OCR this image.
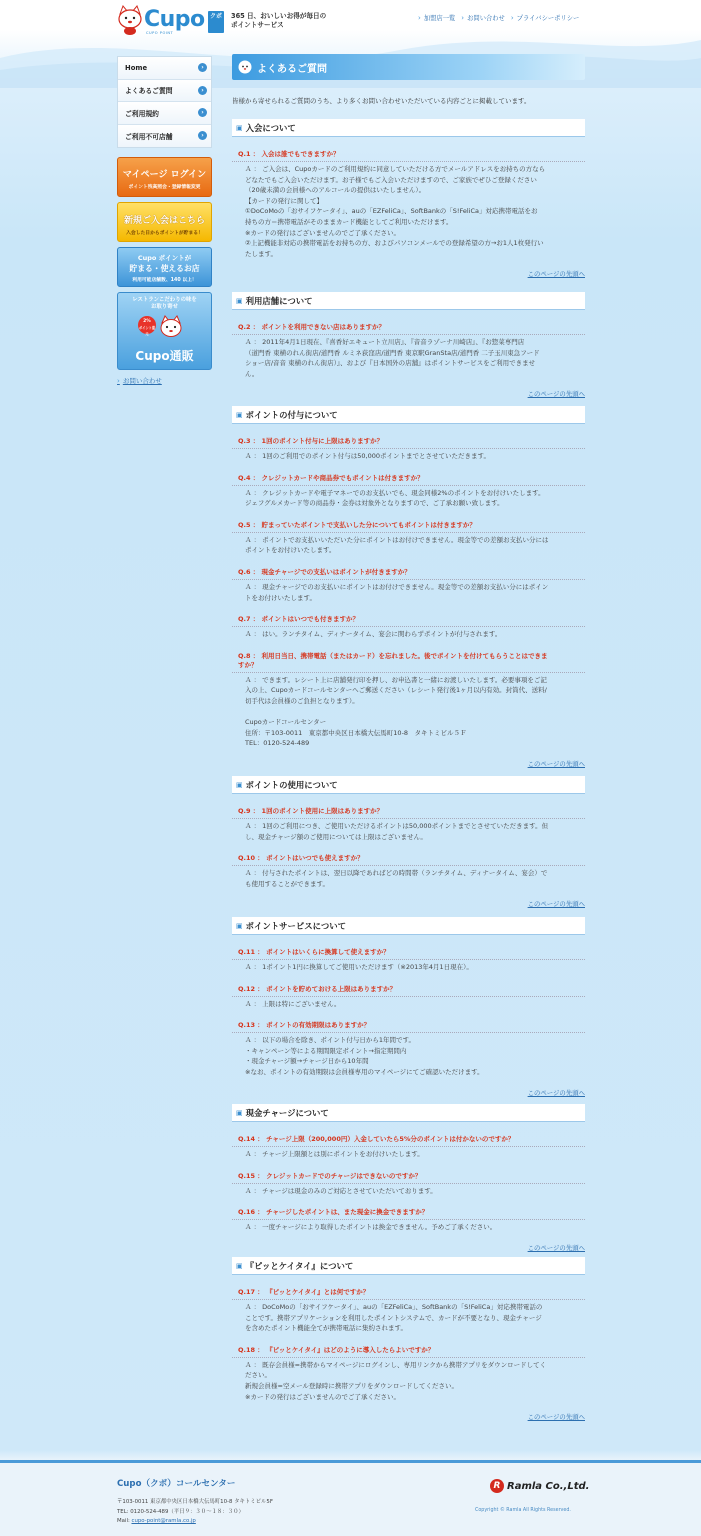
Cupo クポ
CUPO POINT
365 日、おいしいお得が毎日の
ポイントサービス
› 加盟店一覧 › お問い合わせ › プライバシーポリシー
Home	›
よくあるご質問	›
ご利用規約	›
ご利用不可店舗	›
マイページ ログイン
ポイント残高照会・登録情報変更
新規ご入会はこちら
入会した日からポイントが貯まる！
Cupo ポイントが
貯まる・使えるお店
利用可能店舗数、140 以上！
レストランこだわりの味を
お取り寄せ
2%
ポイント還元
Cupo通販
› お問い合わせ
よくあるご質問
皆様から寄せられるご質問のうち、より多くお問い合わせいただいている内容ごとに掲載しています。
▣ 入会について
Q.1 ： 入会は誰でもできますか？
Ａ ： ご入会は、Cupoカードのご利用規約に同意していただける方でメールアドレスをお持ちの方なら
どなたでもご入会いただけます。お子様でもご入会いただけますので、ご家族でぜひご登録ください
（20歳未満の会員様へのアルコールの提供はいたしません）。
【カードの発行に関して】
①DoCoMoの「おサイフケータイ」、auの「EZFeliCa」、SoftBankの「S!FeliCa」対応携帯電話をお
持ちの方＝携帯電話がそのままカード機能としてご利用いただけます。
※カードの発行はございませんのでご了承ください。
②上記機能非対応の携帯電話をお持ちの方、およびパソコンメールでの登録希望の方→お1人1枚発行い
たします。
このページの先頭へ
▣ 利用店舗について
Q.2 ： ポイントを利用できない店はありますか？
Ａ ： 2011年4月1日現在、『喜香好エキュート立川店』、『音音ラゾーナ川崎店』、『お惣菜専門店
（道門香 東横のれん街店/道門香 ルミネ荻窪店/道門香 東京駅GranSta店/道門香 二子玉川東急フード
ショー店/音音 東横のれん街店）』、および『日本国外の店舗』はポイントサービスをご利用できませ
ん。
このページの先頭へ
▣ ポイントの付与について
Q.3 ： 1回のポイント付与に上限はありますか？
Ａ ： 1回のご利用でのポイント付与は50,000ポイントまでとさせていただきます。
Q.4 ： クレジットカードや商品券でもポイントは付きますか？
Ａ ： クレジットカードや電子マネーでのお支払いでも、現金同様2%のポイントをお付けいたします。
ジェフグルメカード等の商品券・金券は対象外となりますので、ご了承お願い致します。
Q.5 ： 貯まっていたポイントで支払いした分についてもポイントは付きますか？
Ａ ： ポイントでお支払いいただいた分にポイントはお付けできません。現金等での差額お支払い分には
ポイントをお付けいたします。
Q.6 ： 現金チャージでの支払いはポイントが付きますか？
Ａ ： 現金チャージでのお支払いにポイントはお付けできません。現金等での差額お支払い分にはポイン
トをお付けいたします。
Q.7 ： ポイントはいつでも付きますか？
Ａ ： はい。ランチタイム、ディナータイム、宴会に関わらずポイントが付与されます。
Q.8 ： 利用日当日、携帯電話（またはカード）を忘れました。後でポイントを付けてもらうことはできま
すか？
Ａ ： できます。レシート上に店舗発行印を押し、お申込書と一緒にお渡しいたします。必要事項をご記
入の上、Cupoカードコールセンターへご郵送ください（レシート発行後1ヶ月以内有効。封筒代、送料/
切手代は会員様のご負担となります）。

Cupoカードコールセンター
住所：〒103-0011　東京都中央区日本橋大伝馬町10-8　タキトミビル５Ｆ
TEL：0120-524-489
このページの先頭へ
▣ ポイントの使用について
Q.9 ： 1回のポイント使用に上限はありますか？
Ａ ： 1回のご利用につき、ご使用いただけるポイントは50,000ポイントまでとさせていただきます。但
し、現金チャージ額のご使用については上限はございません。
Q.10 ： ポイントはいつでも使えますか？
Ａ ： 付与されたポイントは、翌日以降であればどの時間帯（ランチタイム、ディナータイム、宴会）で
も使用することができます。
このページの先頭へ
▣ ポイントサービスについて
Q.11 ： ポイントはいくらに換算して使えますか？
Ａ ： 1ポイント1円に換算してご使用いただけます（※2013年4月1日現在）。
Q.12 ： ポイントを貯めておける上限はありますか？
Ａ ： 上限は特にございません。
Q.13 ： ポイントの有効期限はありますか？
Ａ ： 以下の場合を除き、ポイント付与日から1年間です。
・キャンペーン等による期間限定ポイント→指定期間内
・現金チャージ額→チャージ日から10年間
※なお、ポイントの有効期限は会員様専用のマイページにてご確認いただけます。
このページの先頭へ
▣ 現金チャージについて
Q.14 ： チャージ上限（200,000円）入金していたら5%分のポイントは付かないのですか？
Ａ ： チャージ上限額とは別にポイントをお付けいたします。
Q.15 ： クレジットカードでのチャージはできないのですか？
Ａ ： チャージは現金のみのご対応とさせていただいております。
Q.16 ： チャージしたポイントは、また現金に換金できますか？
Ａ ： 一度チャージにより取得したポイントは換金できません。予めご了承ください。
このページの先頭へ
▣ 『ピッとケイタイ』について
Q.17 ： 『ピッとケイタイ』とは何ですか？
Ａ ： DoCoMoの「おサイフケータイ」、auの「EZFeliCa」、SoftBankの「S!FeliCa」対応携帯電話の
ことです。携帯アプリケーションを利用したポイントシステムで、カードが不要となり、現金チャージ
を含めたポイント機能全てが携帯電話に集約されます。
Q.18 ： 『ピッとケイタイ』はどのように導入したらよいですか？
Ａ ： 既存会員様=携帯からマイページにログインし、専用リンクから携帯アプリをダウンロードしてく
ださい。
新規会員様=空メール登録時に携帯アプリをダウンロードしてください。
※カードの発行はございませんのでご了承ください。
このページの先頭へ
Cupo（クポ）コールセンター
〒103-0011 東京都中央区日本橋大伝馬町10-8 タキトミビル5F
TEL: 0120-524-489（平日９：３０〜１８：３０）
Mail: cupo-point@ramla.co.jp
R Ramla Co.,Ltd.
Copyright © Ramla All Rights Reserved.
